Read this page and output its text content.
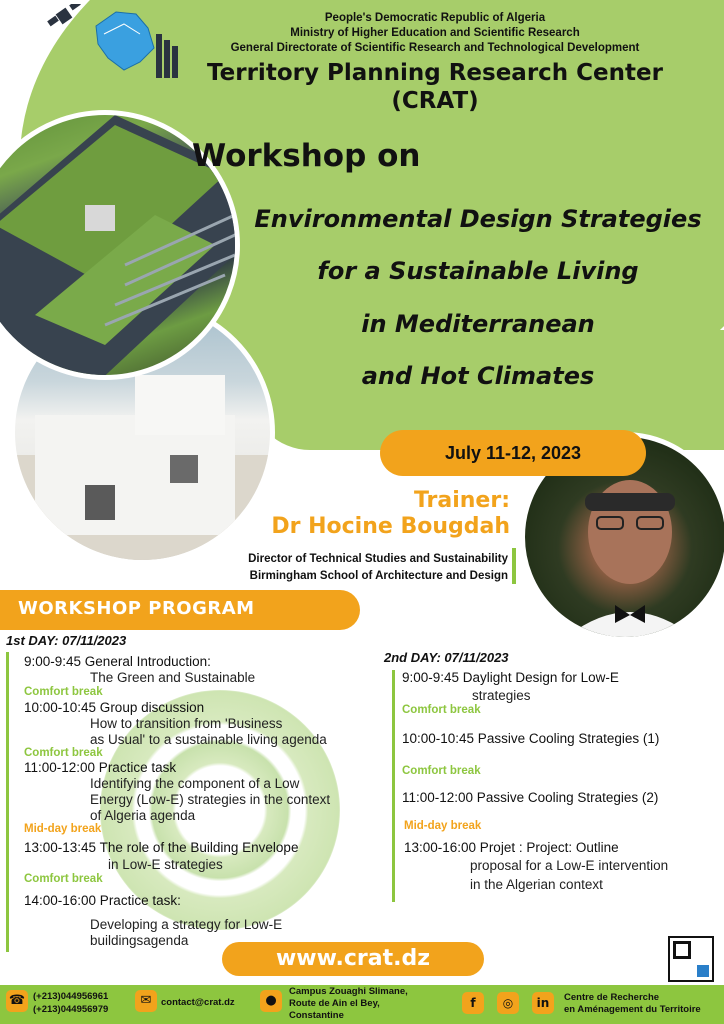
People's Democratic Republic of Algeria
Ministry of Higher Education and Scientific Research
General Directorate of Scientific Research and Technological Development
Territory Planning Research Center
(CRAT)
Workshop on
Environmental Design Strategies
for a Sustainable Living
in Mediterranean
and Hot Climates
July 11-12, 2023
Trainer:
Dr Hocine Bougdah
Director of Technical Studies and Sustainability
Birmingham School of Architecture and Design
WORKSHOP PROGRAM
1st DAY: 07/11/2023
9:00-9:45 General Introduction:
The Green and Sustainable
Comfort break
10:00-10:45 Group discussion
How to transition from 'Business
as Usual' to a sustainable living agenda
Comfort break
11:00-12:00 Practice task
Identifying the component of a Low
Energy (Low-E) strategies in the context
of Algeria agenda
Mid-day break
13:00-13:45 The role of the Building Envelope
in Low-E strategies
Comfort break
14:00-16:00 Practice task:
Developing a strategy for Low-E
buildingsagenda
2nd DAY: 07/11/2023
9:00-9:45 Daylight Design for Low-E
strategies
Comfort break
10:00-10:45 Passive Cooling Strategies (1)
Comfort break
11:00-12:00 Passive Cooling Strategies (2)
Mid-day break
13:00-16:00 Projet : Project: Outline
proposal for a Low-E intervention
in the Algerian context
www.crat.dz
☎ (+213)044956961
(+213)044956979
✉	contact@crat.dz	●
Campus Zouaghi Slimane,
Route de Ain el Bey,
Constantine
f	◎	in	Centre de Recherche
en Aménagement du Territoire
